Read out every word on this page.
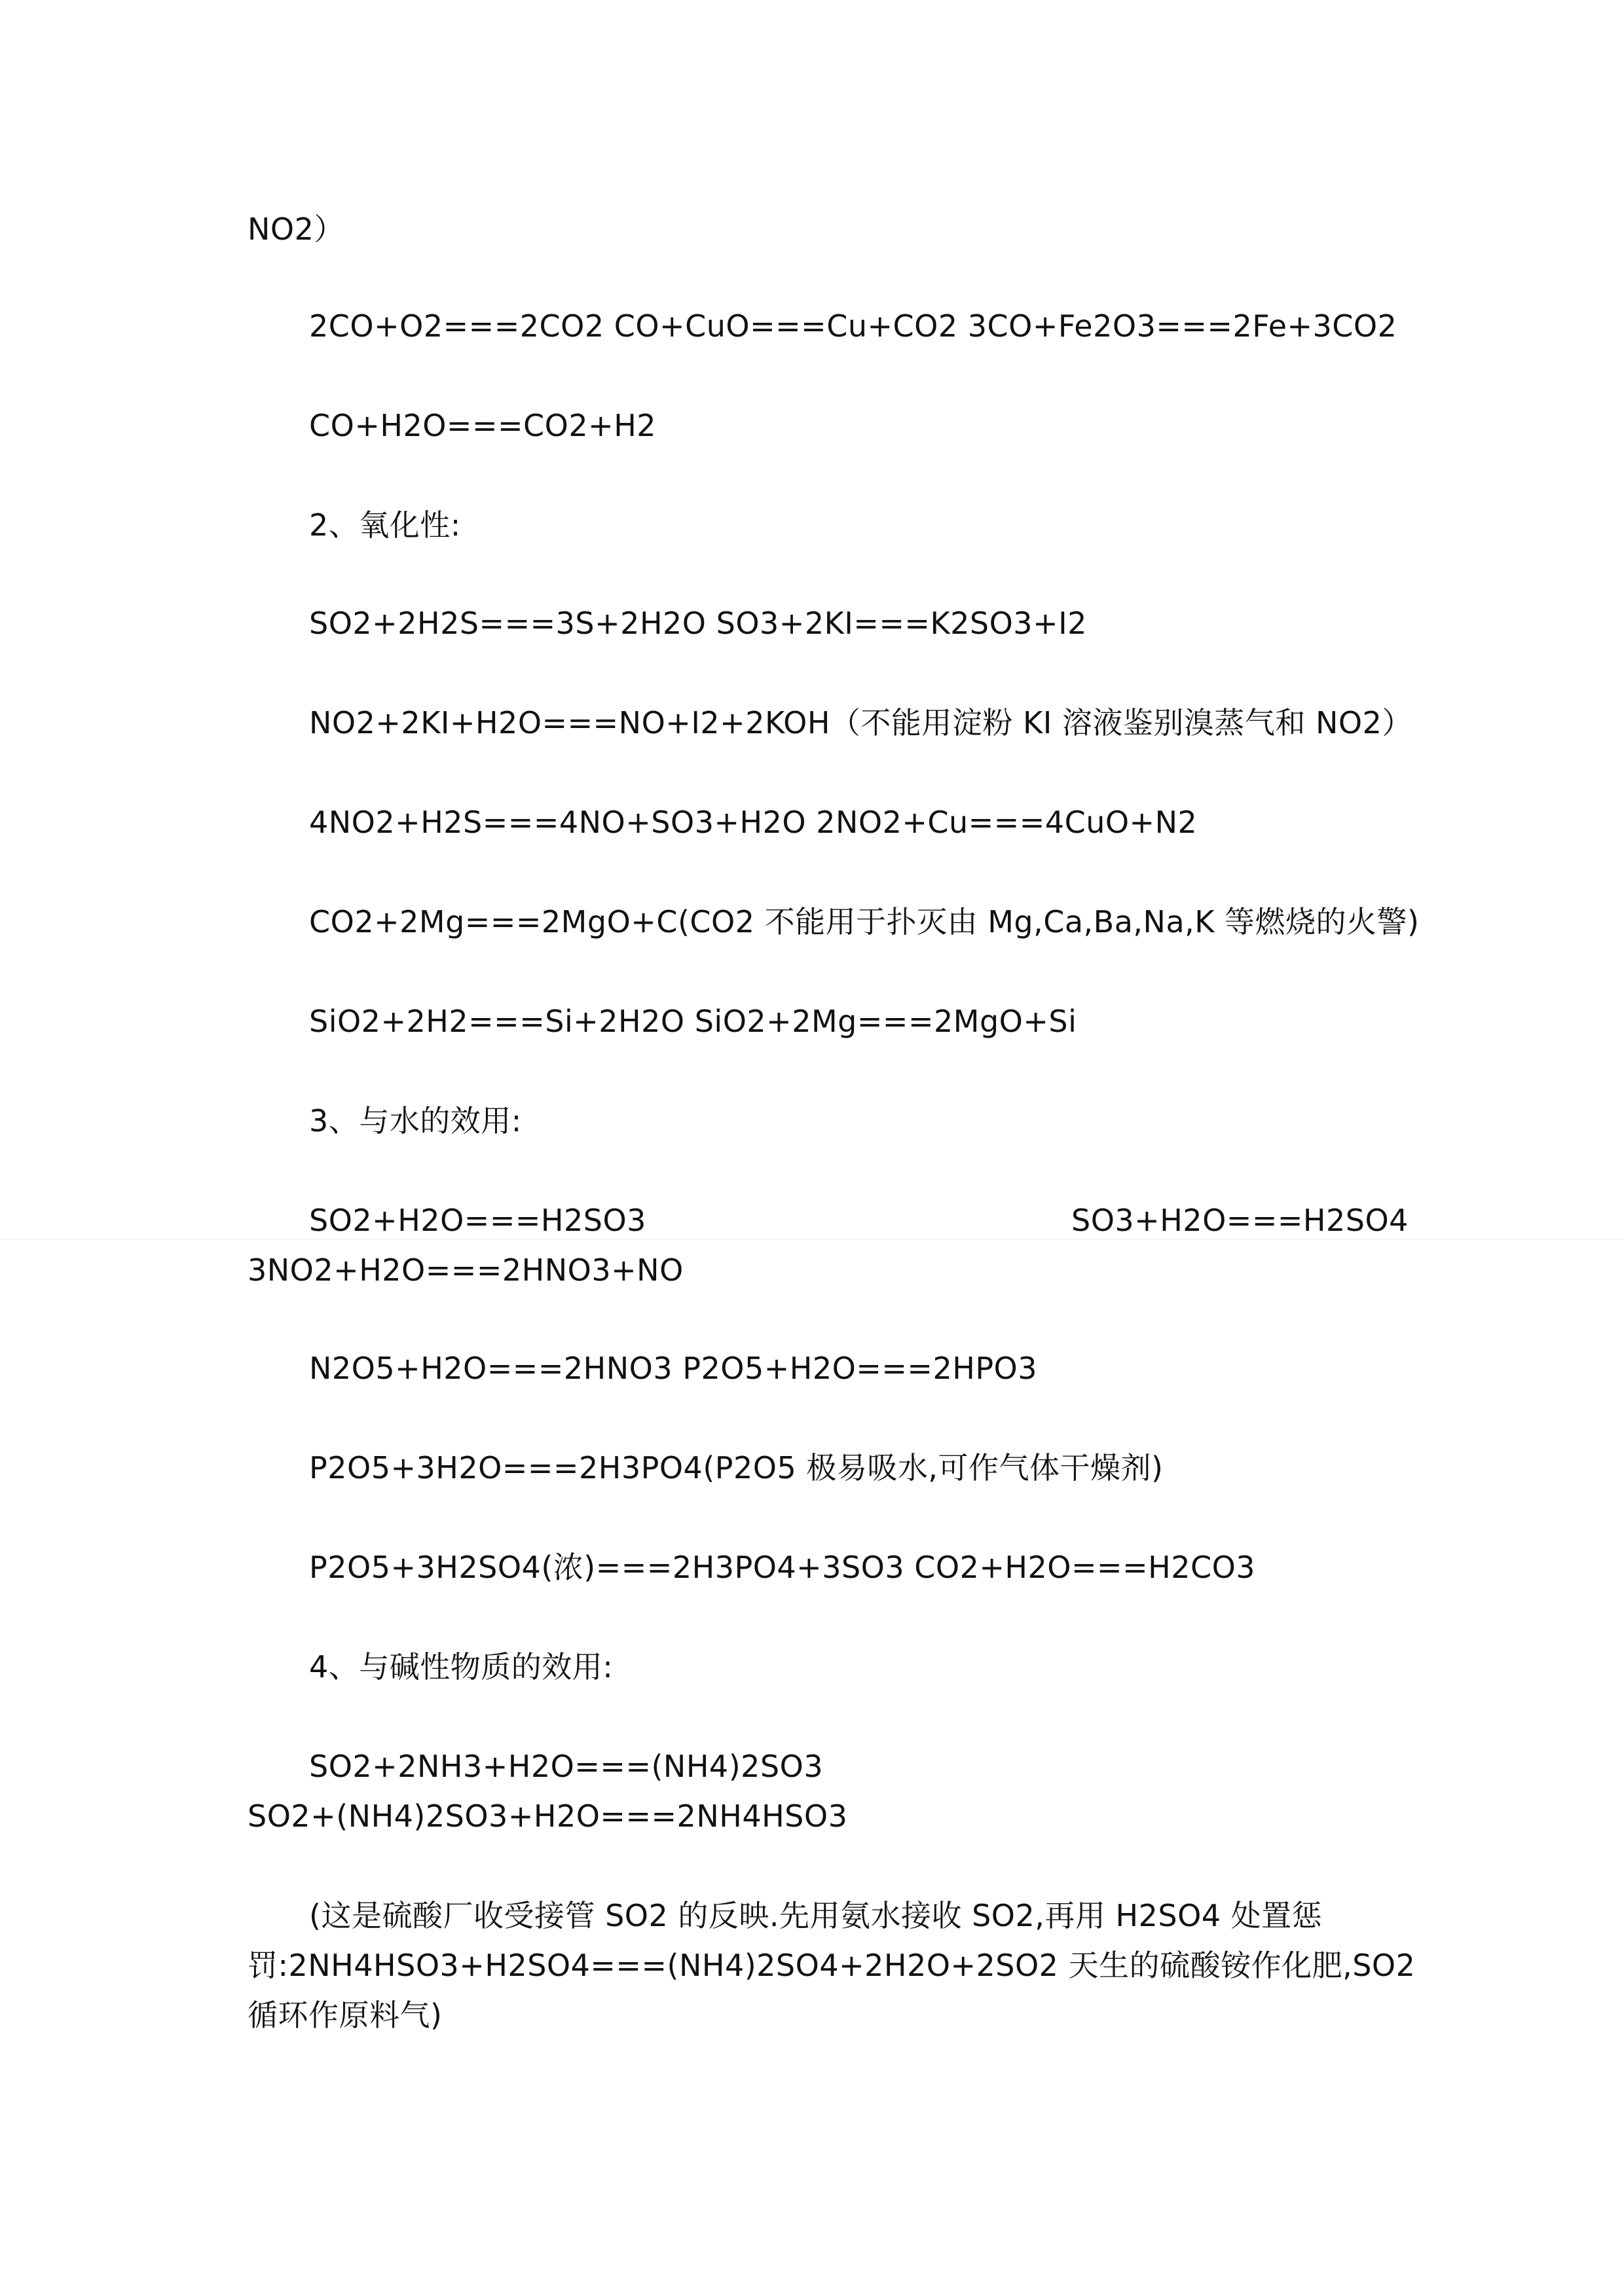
NO2）
2CO+O2===2CO2 CO+CuO===Cu+CO2 3CO+Fe2O3===2Fe+3CO2
CO+H2O===CO2+H2
2、氧化性:
SO2+2H2S===3S+2H2O SO3+2KI===K2SO3+I2
NO2+2KI+H2O===NO+I2+2KOH（不能用淀粉 KI 溶液鉴别溴蒸气和 NO2）
4NO2+H2S===4NO+SO3+H2O 2NO2+Cu===4CuO+N2
CO2+2Mg===2MgO+C(CO2 不能用于扑灭由 Mg,Ca,Ba,Na,K 等燃烧的火警)
SiO2+2H2===Si+2H2O SiO2+2Mg===2MgO+Si
3、与水的效用:
SO2+H2O===H2SO3	SO3+H2O===H2SO4
3NO2+H2O===2HNO3+NO
N2O5+H2O===2HNO3 P2O5+H2O===2HPO3
P2O5+3H2O===2H3PO4(P2O5 极易吸水,可作气体干燥剂)
P2O5+3H2SO4(浓)===2H3PO4+3SO3 CO2+H2O===H2CO3
4、与碱性物质的效用:
SO2+2NH3+H2O===(NH4)2SO3
SO2+(NH4)2SO3+H2O===2NH4HSO3
(这是硫酸厂收受接管 SO2 的反映.先用氨水接收 SO2,再用 H2SO4 处置惩
罚:2NH4HSO3+H2SO4===(NH4)2SO4+2H2O+2SO2 天生的硫酸铵作化肥,SO2
循环作原料气)
